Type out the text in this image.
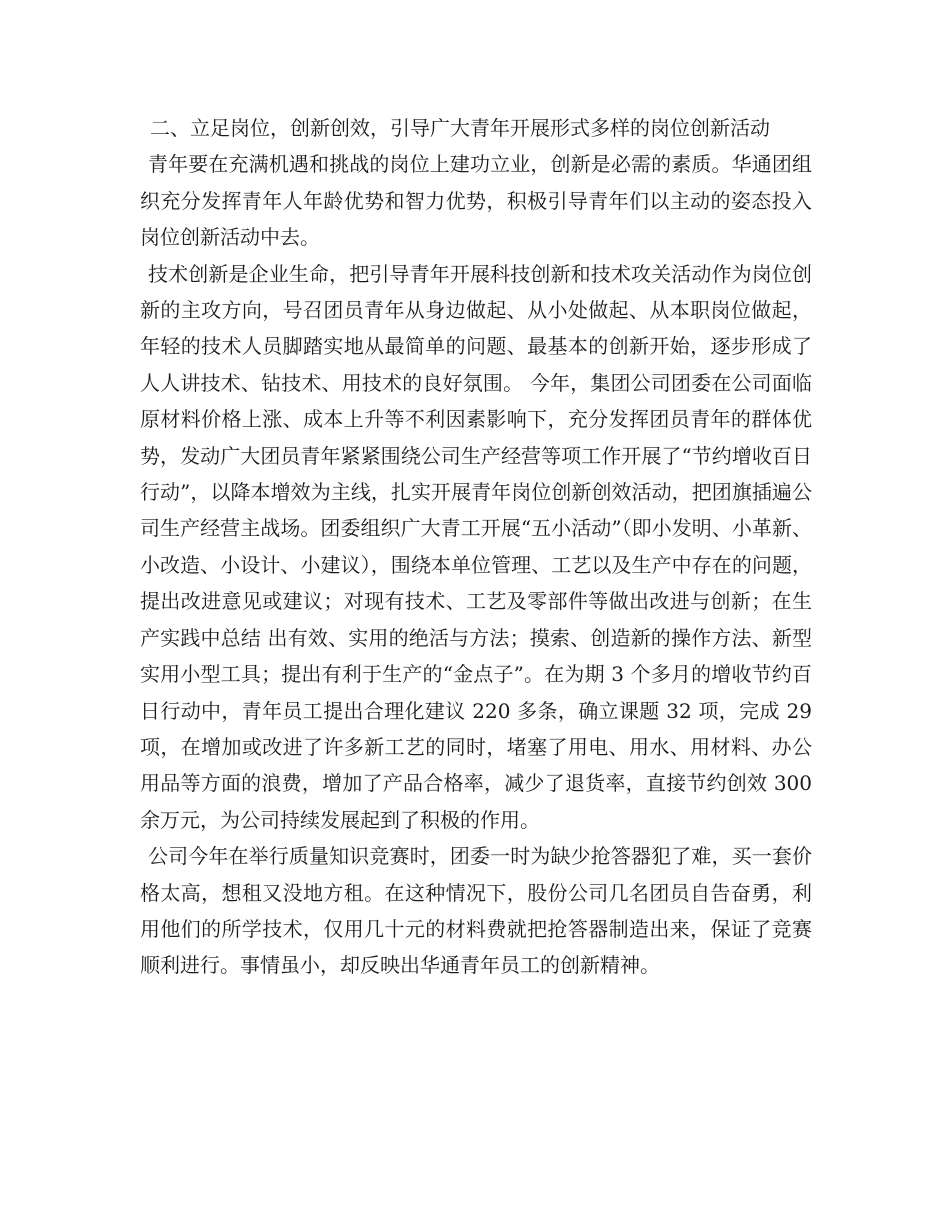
二、立足岗位，创新创效，引导广大青年开展形式多样的岗位创新活动

青年要在充满机遇和挑战的岗位上建功立业，创新是必需的素质。华通团组织充分发挥青年人年龄优势和智力优势，积极引导青年们以主动的姿态投入岗位创新活动中去。

技术创新是企业生命，把引导青年开展科技创新和技术攻关活动作为岗位创新的主攻方向，号召团员青年从身边做起、从小处做起、从本职岗位做起，年轻的技术人员脚踏实地从最简单的问题、最基本的创新开始，逐步形成了人人讲技术、钻技术、用技术的良好氛围。 今年，集团公司团委在公司面临原材料价格上涨、成本上升等不利因素影响下，充分发挥团员青年的群体优势，发动广大团员青年紧紧围绕公司生产经营等项工作开展了“节约增收百日行动”，以降本增效为主线，扎实开展青年岗位创新创效活动，把团旗插遍公司生产经营主战场。团委组织广大青工开展“五小活动”（即小发明、小革新、小改造、小设计、小建议），围绕本单位管理、工艺以及生产中存在的问题，提出改进意见或建议；对现有技术、工艺及零部件等做出改进与创新；在生产实践中总结 出有效、实用的绝活与方法；摸索、创造新的操作方法、新型实用小型工具；提出有利于生产的“金点子”。在为期 3 个多月的增收节约百日行动中，青年员工提出合理化建议 220 多条，确立课题 32 项，完成 29 项，在增加或改进了许多新工艺的同时，堵塞了用电、用水、用材料、办公用品等方面的浪费，增加了产品合格率，减少了退货率，直接节约创效 300 余万元，为公司持续发展起到了积极的作用。

公司今年在举行质量知识竞赛时，团委一时为缺少抢答器犯了难，买一套价格太高，想租又没地方租。在这种情况下，股份公司几名团员自告奋勇，利用他们的所学技术，仅用几十元的材料费就把抢答器制造出来，保证了竞赛顺利进行。事情虽小，却反映出华通青年员工的创新精神。
